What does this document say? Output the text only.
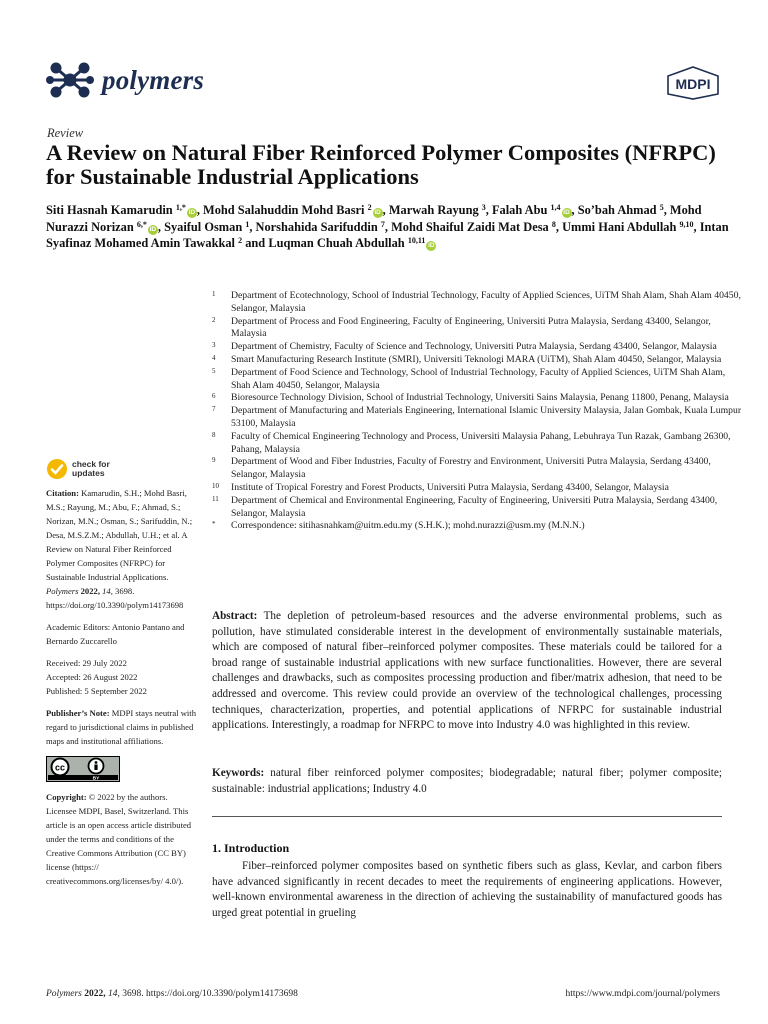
polymers	MDPI
Review
A Review on Natural Fiber Reinforced Polymer Composites (NFRPC) for Sustainable Industrial Applications
Siti Hasnah Kamarudin $^{1,*}$iD , Mohd Salahuddin Mohd Basri $^2$iD , Marwah Rayung $^3$, Falah Abu $^{1,4}$iD , So’bah Ahmad $^5$, Mohd Nurazzi Norizan $^{6,*}$iD , Syaiful Osman $^1$, Norshahida Sarifuddin $^7$, Mohd Shaiful Zaidi Mat Desa $^8$, Ummi Hani Abdullah $^{9,10}$, Intan Syafinaz Mohamed Amin Tawakkal $^2$ and Luqman Chuah Abdullah $^{10,11}$iD
1	Department of Ecotechnology, School of Industrial Technology, Faculty of Applied Sciences, UiTM Shah Alam, Shah Alam 40450, Selangor, Malaysia
2	Department of Process and Food Engineering, Faculty of Engineering, Universiti Putra Malaysia, Serdang 43400, Selangor, Malaysia
3	Department of Chemistry, Faculty of Science and Technology, Universiti Putra Malaysia, Serdang 43400, Selangor, Malaysia
4	Smart Manufacturing Research Institute (SMRI), Universiti Teknologi MARA (UiTM), Shah Alam 40450, Selangor, Malaysia
5	Department of Food Science and Technology, School of Industrial Technology, Faculty of Applied Sciences, UiTM Shah Alam, Shah Alam 40450, Selangor, Malaysia
6	Bioresource Technology Division, School of Industrial Technology, Universiti Sains Malaysia, Penang 11800, Penang, Malaysia
7	Department of Manufacturing and Materials Engineering, International Islamic University Malaysia, Jalan Gombak, Kuala Lumpur 53100, Malaysia
8	Faculty of Chemical Engineering Technology and Process, Universiti Malaysia Pahang, Lebuhraya Tun Razak, Gambang 26300, Pahang, Malaysia
9	Department of Wood and Fiber Industries, Faculty of Forestry and Environment, Universiti Putra Malaysia, Serdang 43400, Selangor, Malaysia
10	Institute of Tropical Forestry and Forest Products, Universiti Putra Malaysia, Serdang 43400, Selangor, Malaysia
11	Department of Chemical and Environmental Engineering, Faculty of Engineering, Universiti Putra Malaysia, Serdang 43400, Selangor, Malaysia
*	Correspondence: sitihasnahkam@uitm.edu.my (S.H.K.); mohd.nurazzi@usm.my (M.N.N.)
check for
updates
Citation: Kamarudin, S.H.; Mohd Basri, M.S.; Rayung, M.; Abu, F.; Ahmad, S.; Norizan, M.N.; Osman, S.; Sarifuddin, N.; Desa, M.S.Z.M.; Abdullah, U.H.; et al. A Review on Natural Fiber Reinforced Polymer Composites (NFRPC) for Sustainable Industrial Applications. Polymers 2022, 14, 3698. https://doi.org/10.3390/polym14173698
Academic Editors: Antonio Pantano and Bernardo Zuccarello
Received: 29 July 2022
Accepted: 26 August 2022
Published: 5 September 2022
Publisher’s Note: MDPI stays neutral with regard to jurisdictional claims in published maps and institutional affiliations.
cc
BY
Copyright: © 2022 by the authors. Licensee MDPI, Basel, Switzerland. This article is an open access article distributed under the terms and conditions of the Creative Commons Attribution (CC BY) license (https:// creativecommons.org/licenses/by/ 4.0/).
Abstract: The depletion of petroleum-based resources and the adverse environmental problems, such as pollution, have stimulated considerable interest in the development of environmentally sustainable materials, which are composed of natural fiber–reinforced polymer composites. These materials could be tailored for a broad range of sustainable industrial applications with new surface functionalities. However, there are several challenges and drawbacks, such as composites processing production and fiber/matrix adhesion, that need to be addressed and overcome. This review could provide an overview of the technological challenges, processing techniques, characterization, properties, and potential applications of NFRPC for sustainable industrial applications. Interestingly, a roadmap for NFRPC to move into Industry 4.0 was highlighted in this review.
Keywords: natural fiber reinforced polymer composites; biodegradable; natural fiber; polymer composite; sustainable: industrial applications; Industry 4.0
1. Introduction

Fiber–reinforced polymer composites based on synthetic fibers such as glass, Kevlar, and carbon fibers have advanced significantly in recent decades to meet the requirements of engineering applications. However, well-known environmental awareness in the direction of achieving the sustainability of manufactured goods has urged great potential in grueling

Polymers 2022, 14, 3698. https://doi.org/10.3390/polym14173698	https://www.mdpi.com/journal/polymers
